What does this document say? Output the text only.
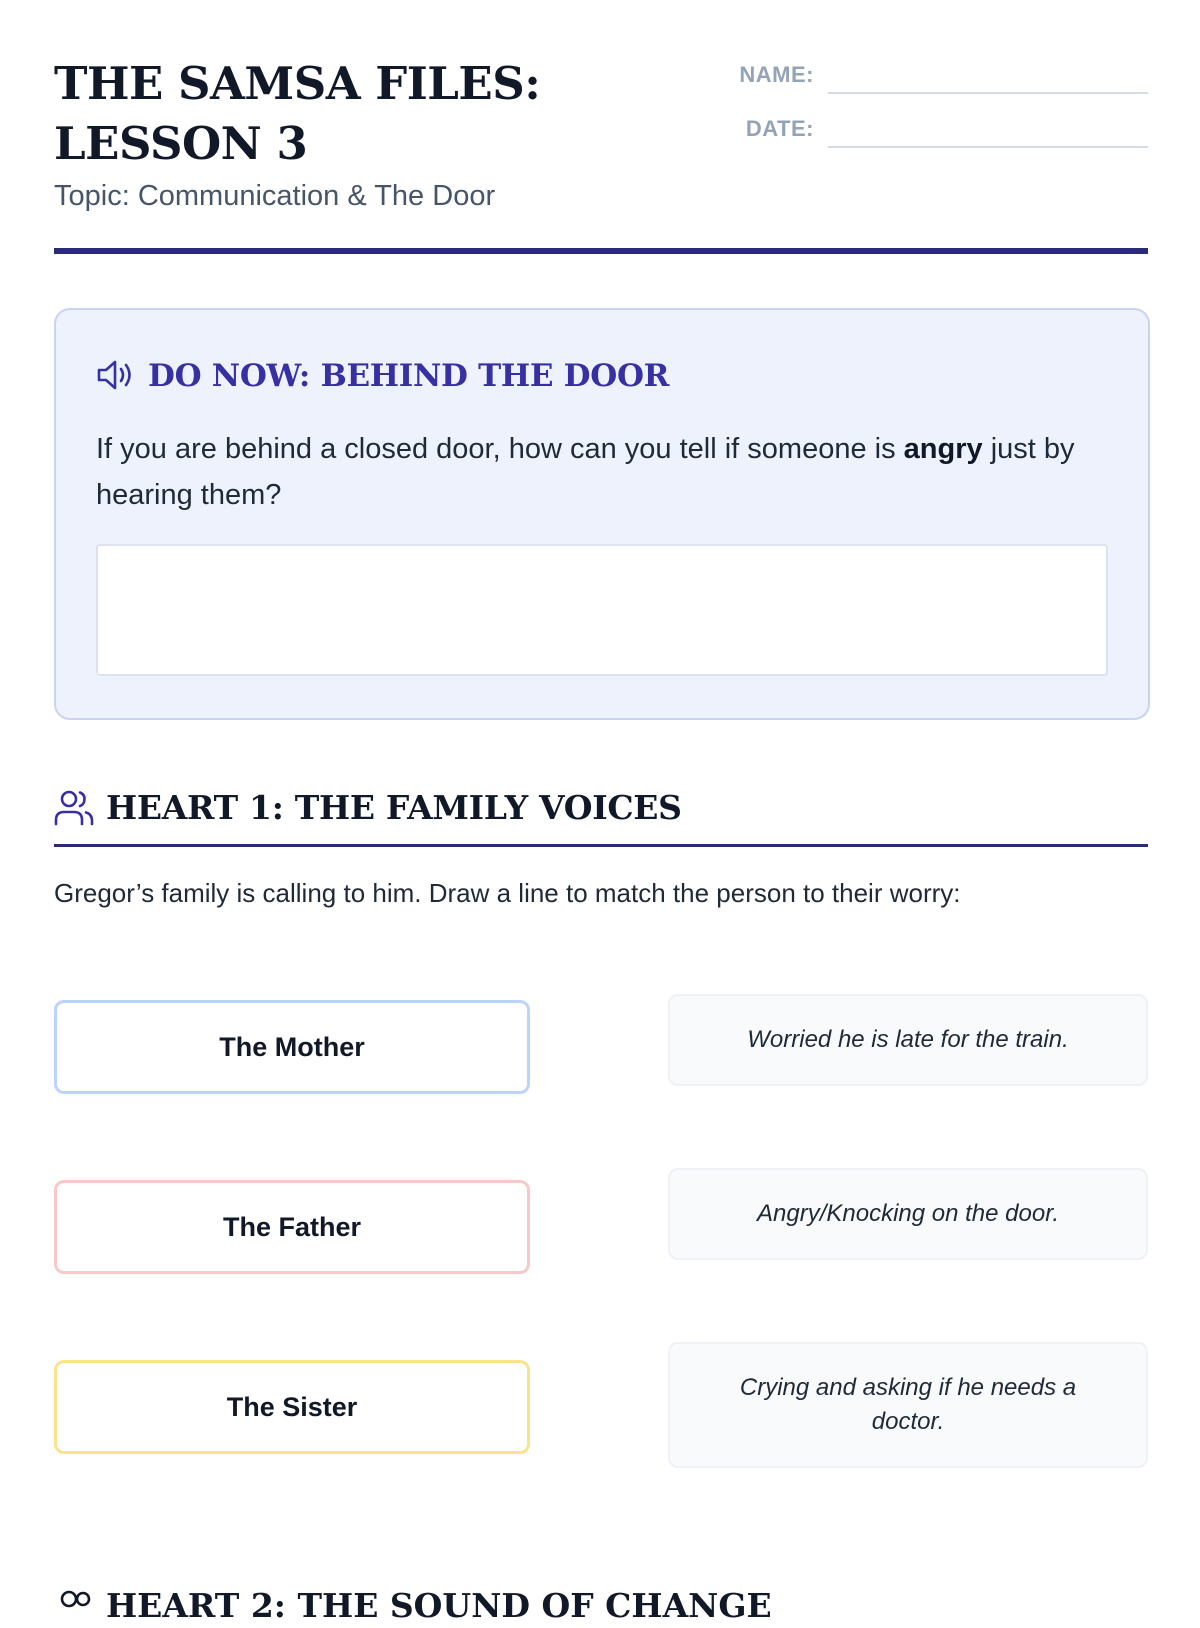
THE SAMSA FILES: LESSON 3

Topic: Communication & The Door

NAME:
DATE:
DO NOW: BEHIND THE DOOR

If you are behind a closed door, how can you tell if someone is angry just by hearing them?

HEART 1: THE FAMILY VOICES

Gregor’s family is calling to him. Draw a line to match the person to their worry:

The Mother
The Father
The Sister
Worried he is late for the train.
Angry/Knocking on the door.
Crying and asking if he needs a doctor.
HEART 2: THE SOUND OF CHANGE
